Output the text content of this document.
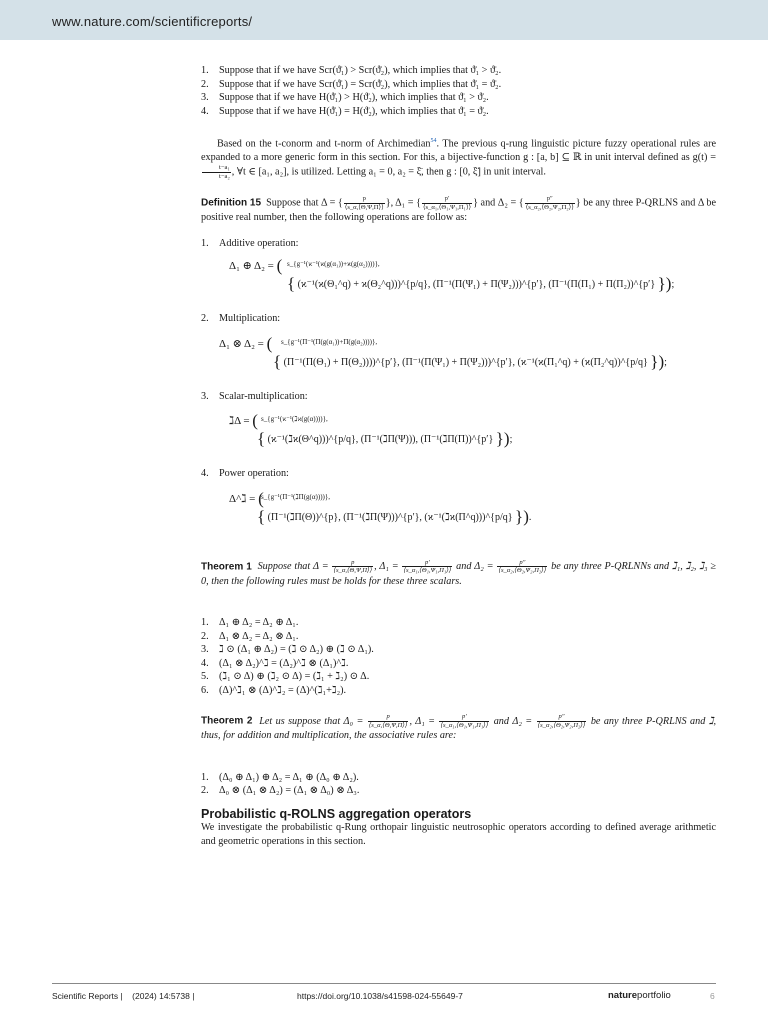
www.nature.com/scientificreports/
1. Suppose that if we have Scr(ϑ̈₁) > Scr(ϑ̈₂), which implies that ϑ̈₁ > ϑ̈₂.
2. Suppose that if we have Scr(ϑ̈₁) = Scr(ϑ̈₂), which implies that ϑ̈₁ = ϑ̈₂.
3. Suppose that if we have H(ϑ̈₁) > H(ϑ̈₂), which implies that ϑ̈₁ > ϑ̈₂.
4. Suppose that if we have H(ϑ̈₁) = H(ϑ̈₂), which implies that ϑ̈₁ = ϑ̈₂.

Based on the t-conorm and t-norm of Archimedian$^{54}$. The previous q-rung linguistic picture fuzzy operational rules are expanded to a more generic form in this section. For this, a bijective-function g : [a, b] ⊆ ℝ in unit interval defined as g(t) =
$\frac{\text{t−a₁}}{\text{t−a₂}}$ , ∀t ∈ [a₁, a₂], is utilized. Letting a₁ = 0, a₂ = ξ̈, then g : [0, ξ̈] in unit interval.

Definition 15 Suppose that Δ = { $\frac{p}{⟨s\_\alpha,⟨\Theta,\Psi,\Pi⟩⟩}$ }, Δ₁ = { $\frac{p'}{\text{⟨s\_α₁,⟨Θ₁,Ψ₁,Π₁⟩⟩}}$ } and Δ₂ = { $\frac{p''}{\text{⟨s\_α₂,⟨Θ₂,Ψ₂,Π₂⟩⟩}}$ } be any three P-QRLNS and Δ be positive real number, then the following operations are follow as:

1. Additive operation:
Δ₁ ⊕ Δ₂ = ( s_{g⁻¹(ϰ⁻¹(ϰ(g(α₁))+ϰ(g(α₂))))},
{ (ϰ⁻¹(ϰ(Θ₁^q) + ϰ(Θ₂^q)))^{p/q}, (Π⁻¹(Π(Ψ₁) + Π(Ψ₂)))^{p′}, (Π⁻¹(Π(Π₁) + Π(Π₂))^{p′} });
2. Multiplication:
Δ₁ ⊗ Δ₂ = ( s_{g⁻¹(Π⁻¹(Π(g(α₁))+Π(g(α₂))))},
{ (Π⁻¹(Π(Θ₁) + Π(Θ₂))))^{p′}, (Π⁻¹(Π(Ψ₁) + Π(Ψ₂)))^{p′}, (ϰ⁻¹(ϰ(Π₁^q) + (ϰ(Π₂^q))^{p/q} });
3. Scalar-multiplication:
ℷΔ = ( s_{g⁻¹(ϰ⁻¹(ℷϰ(g(α))))},
{ (ϰ⁻¹(ℷϰ(Θ^q)))^{p/q}, (Π⁻¹(ℷΠ(Ψ))), (Π⁻¹(ℷΠ(Π))^{p′} });
4. Power operation:
Δ^ℷ = (
s_{g⁻¹(Π⁻¹(ℷΠ(g(α))))},
{ (Π⁻¹(ℷΠ(Θ))^{p}, (Π⁻¹(ℷΠ(Ψ)))^{p′}, (ϰ⁻¹(ℷϰ(Π^q)))^{p/q} }).

Theorem 1 Suppose that $\Delta = \frac{p}{⟨s\_\alpha,⟨\Theta,\Psi,\Pi⟩⟩}$ , $\Delta_1 = \frac{p'}{\text{⟨s\_α₁,⟨Θ₁,Ψ₁,Π₁⟩⟩}}$ and $\Delta_2 = \frac{p''}{\text{⟨s\_α₂,⟨Θ₂,Ψ₂,Π₂⟩⟩}}$ be any three P-QRLNNs and ℷ₁, ℷ₂, ℷ₃ ≥ 0, then the following rules must be holds for these three scalars.

1. Δ₁ ⊕ Δ₂ = Δ₂ ⊕ Δ₁.
2. Δ₁ ⊗ Δ₂ = Δ₂ ⊗ Δ₁.
3. ℷ ⊙ (Δ₁ ⊕ Δ₂) = (ℷ ⊙ Δ₂) ⊕ (ℷ ⊙ Δ₁).
4. (Δ₁ ⊗ Δ₂)^ℷ = (Δ₂)^ℷ ⊗ (Δ₁)^ℷ.
5. (ℷ₁ ⊙ Δ) ⊕ (ℷ₂ ⊙ Δ) = (ℷ₁ + ℷ₂) ⊙ Δ.
6. (Δ)^ℷ₁ ⊗ (Δ)^ℷ₂ = (Δ)^(ℷ₁+ℷ₂).

Theorem 2 Let us suppose that $\Delta_0 = \frac{p}{⟨s\_\alpha,⟨\Theta,\Psi,\Pi⟩⟩}$ , $\Delta_1 = \frac{p'}{\text{⟨s\_α₁,⟨Θ₁,Ψ₁,Π₁⟩⟩}}$ and $\Delta_2 = \frac{p''}{\text{⟨s\_α₂,⟨Θ₂,Ψ₂,Π₂⟩⟩}}$ be any three P-QRLNS and ℷ, thus, for addition and multiplication, the associative rules are:

1. (Δ₀ ⊕ Δ₁) ⊕ Δ₂ = Δ₁ ⊕ (Δ₀ ⊕ Δ₂).
2. Δ₀ ⊗ (Δ₁ ⊗ Δ₂) = (Δ₁ ⊗ Δ₀) ⊗ Δ₃.
Probabilistic q-ROLNS aggregation operators

We investigate the probabilistic q-Rung orthopair linguistic neutrosophic operators according to defined average arithmetic and geometric operations in this section.

Scientific Reports | (2024) 14:5738 |	https://doi.org/10.1038/s41598-024-55649-7	natureportfolio	6
